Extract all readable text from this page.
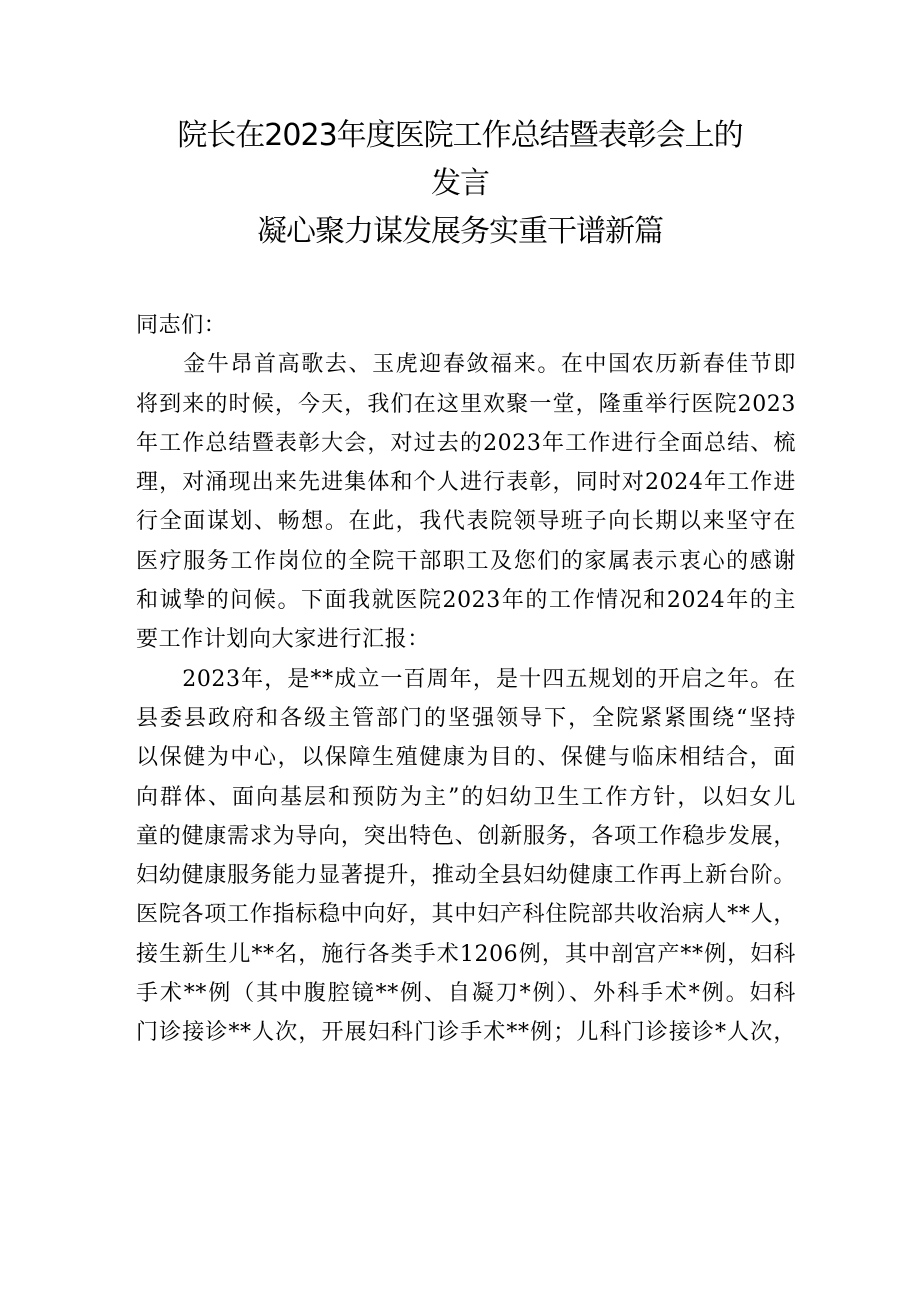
院长在2023年度医院工作总结暨表彰会上的
发言
凝心聚力谋发展务实重干谱新篇

同志们：

　　金牛昂首高歌去、玉虎迎春敛福来。在中国农历新春佳节即
将到来的时候，今天，我们在这里欢聚一堂，隆重举行医院2023
年工作总结暨表彰大会，对过去的2023年工作进行全面总结、梳
理，对涌现出来先进集体和个人进行表彰，同时对2024年工作进
行全面谋划、畅想。在此，我代表院领导班子向长期以来坚守在
医疗服务工作岗位的全院干部职工及您们的家属表示衷心的感谢
和诚挚的问候。下面我就医院2023年的工作情况和2024年的主
要工作计划向大家进行汇报：

　　2023年，是**成立一百周年，是十四五规划的开启之年。在
县委县政府和各级主管部门的坚强领导下，全院紧紧围绕“坚持
以保健为中心，以保障生殖健康为目的、保健与临床相结合，面
向群体、面向基层和预防为主”的妇幼卫生工作方针，以妇女儿
童的健康需求为导向，突出特色、创新服务，各项工作稳步发展，
妇幼健康服务能力显著提升，推动全县妇幼健康工作再上新台阶。
医院各项工作指标稳中向好，其中妇产科住院部共收治病人**人，
接生新生儿**名，施行各类手术1206例，其中剖宫产**例，妇科
手术**例（其中腹腔镜**例、自凝刀*例）、外科手术*例。妇科
门诊接诊**人次，开展妇科门诊手术**例；儿科门诊接诊*人次，
